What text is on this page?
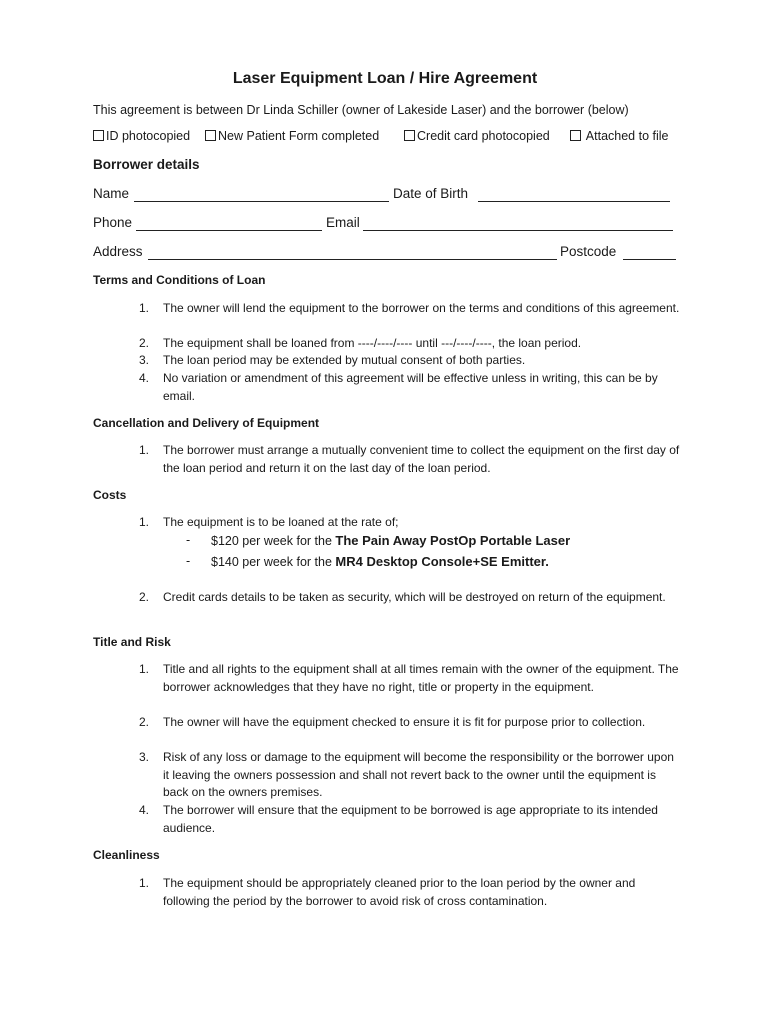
Laser Equipment Loan / Hire Agreement
This agreement is between Dr Linda Schiller (owner of Lakeside Laser) and the borrower (below)
ID photocopied	New Patient Form completed	Credit card photocopied	Attached to file
Borrower details
Name	Date of Birth
Phone	Email
Address	Postcode
Terms and Conditions of Loan
1. The owner will lend the equipment to the borrower on the terms and conditions of this agreement.
2. The equipment shall be loaned from ----/----/---- until ---/----/----, the loan period.
3. The loan period may be extended by mutual consent of both parties.
4. No variation or amendment of this agreement will be effective unless in writing, this can be by email.
Cancellation and Delivery of Equipment
1. The borrower must arrange a mutually convenient time to collect the equipment on the first day of the loan period and return it on the last day of the loan period.
Costs
1. The equipment is to be loaned at the rate of;
- $120 per week for the The Pain Away PostOp Portable Laser
- $140 per week for the MR4 Desktop Console+SE Emitter.
2. Credit cards details to be taken as security, which will be destroyed on return of the equipment.
Title and Risk
1. Title and all rights to the equipment shall at all times remain with the owner of the equipment. The borrower acknowledges that they have no right, title or property in the equipment.
2. The owner will have the equipment checked to ensure it is fit for purpose prior to collection.
3. Risk of any loss or damage to the equipment will become the responsibility or the borrower upon it leaving the owners possession and shall not revert back to the owner until the equipment is back on the owners premises.
4. The borrower will ensure that the equipment to be borrowed is age appropriate to its intended audience.
Cleanliness
1. The equipment should be appropriately cleaned prior to the loan period by the owner and following the period by the borrower to avoid risk of cross contamination.
